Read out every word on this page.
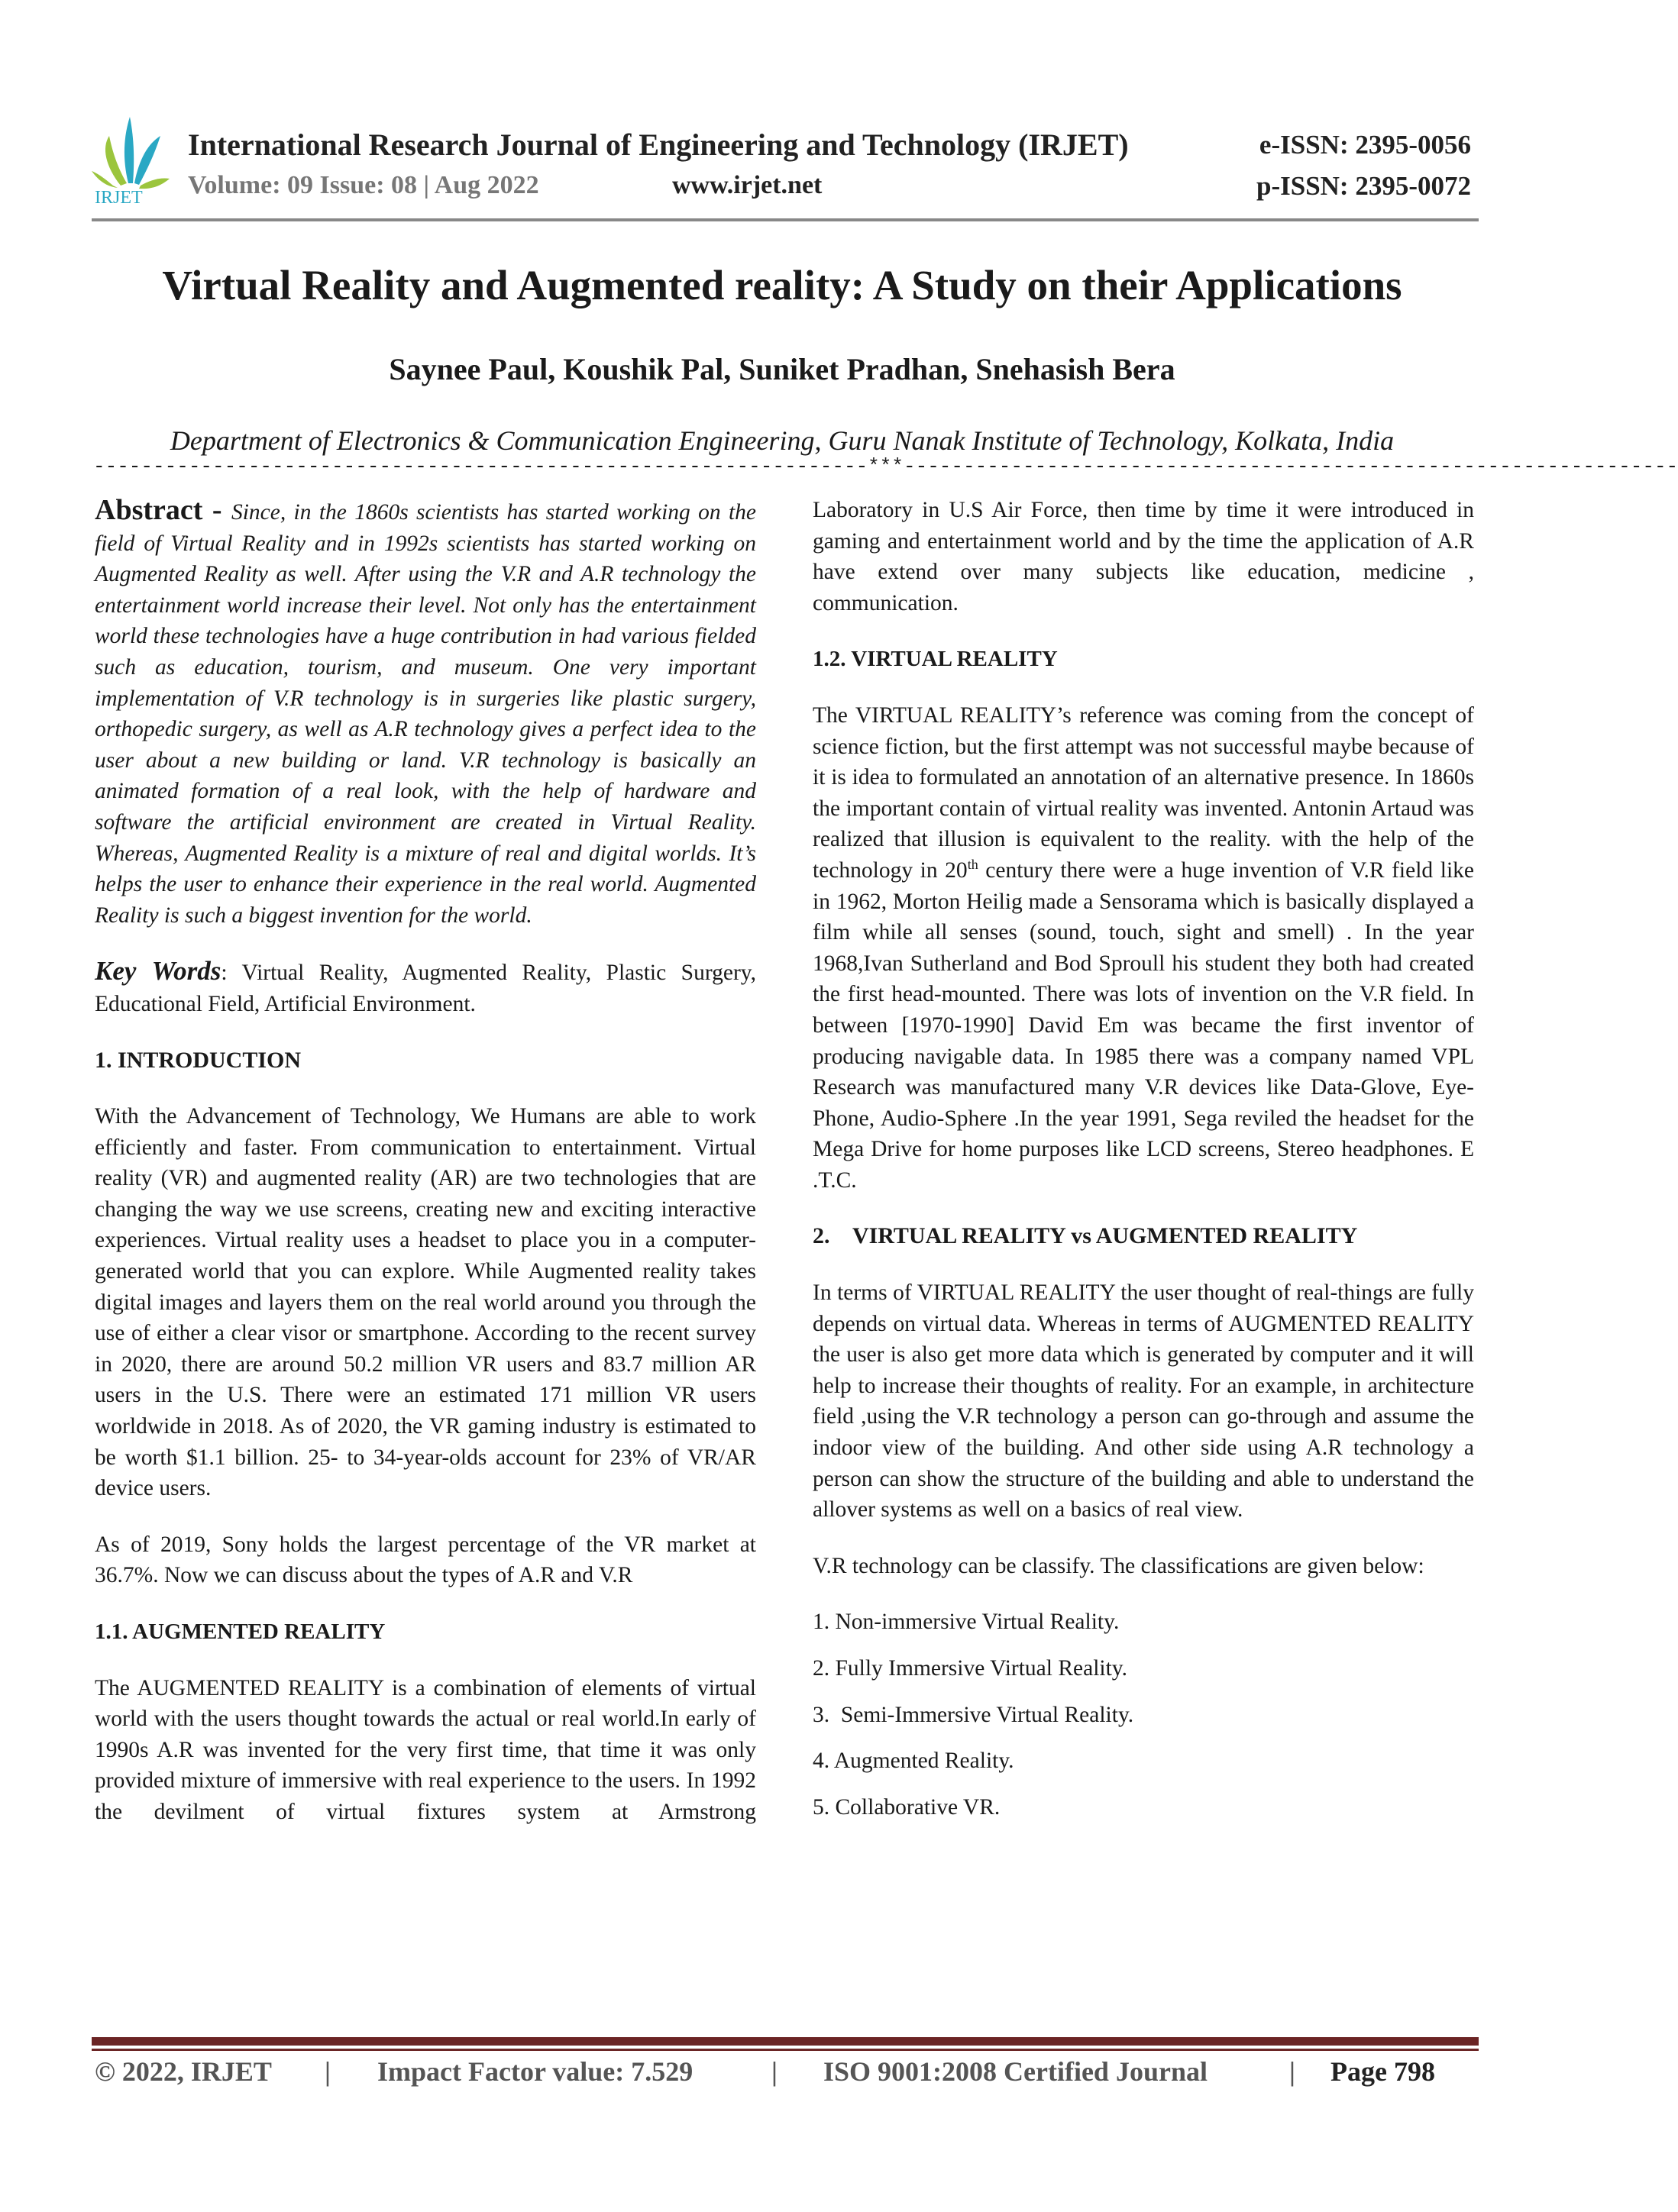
IRJET
International Research Journal of Engineering and Technology (IRJET)	e-ISSN: 2395-0056
Volume: 09 Issue: 08 | Aug 2022	www.irjet.net	p-ISSN: 2395-0072
Virtual Reality and Augmented reality: A Study on their Applications
Saynee Paul, Koushik Pal, Suniket Pradhan, Snehasish Bera
Department of Electronics & Communication Engineering, Guru Nanak Institute of Technology, Kolkata, India
-----------------------------------------------------------------***-----------------------------------------------------------------

Abstract - Since, in the 1860s scientists has started working on the field of Virtual Reality and in 1992s scientists has started working on Augmented Reality as well. After using the V.R and A.R technology the entertainment world increase their level. Not only has the entertainment world these technologies have a huge contribution in had various fielded such as education, tourism, and museum. One very important implementation of V.R technology is in surgeries like plastic surgery, orthopedic surgery, as well as A.R technology gives a perfect idea to the user about a new building or land. V.R technology is basically an animated formation of a real look, with the help of hardware and software the artificial environment are created in Virtual Reality. Whereas, Augmented Reality is a mixture of real and digital worlds. It’s helps the user to enhance their experience in the real world. Augmented Reality is such a biggest invention for the world.

Key Words: Virtual Reality, Augmented Reality, Plastic Surgery, Educational Field, Artificial Environment.

1. INTRODUCTION

With the Advancement of Technology, We Humans are able to work efficiently and faster. From communication to entertainment. Virtual reality (VR) and augmented reality (AR) are two technologies that are changing the way we use screens, creating new and exciting interactive experiences. Virtual reality uses a headset to place you in a computer-generated world that you can explore. While Augmented reality takes digital images and layers them on the real world around you through the use of either a clear visor or smartphone. According to the recent survey in 2020, there are around 50.2 million VR users and 83.7 million AR users in the U.S. There were an estimated 171 million VR users worldwide in 2018. As of 2020, the VR gaming industry is estimated to be worth $1.1 billion. 25- to 34-year-olds account for 23% of VR/AR device users.

As of 2019, Sony holds the largest percentage of the VR market at 36.7%. Now we can discuss about the types of A.R and V.R

1.1. AUGMENTED REALITY

The AUGMENTED REALITY is a combination of elements of virtual world with the users thought towards the actual or real world.In early of 1990s A.R was invented for the very first time, that time it was only provided mixture of immersive with real experience to the users. In 1992 the devilment of virtual fixtures system at Armstrong

Laboratory in U.S Air Force, then time by time it were introduced in gaming and entertainment world and by the time the application of A.R have extend over many subjects like education, medicine , communication.

1.2. VIRTUAL REALITY

The VIRTUAL REALITY’s reference was coming from the concept of science fiction, but the first attempt was not successful maybe because of it is idea to formulated an annotation of an alternative presence. In 1860s the important contain of virtual reality was invented. Antonin Artaud was realized that illusion is equivalent to the reality. with the help of the technology in 20th century there were a huge invention of V.R field like in 1962, Morton Heilig made a Sensorama which is basically displayed a film while all senses (sound, touch, sight and smell) . In the year 1968,Ivan Sutherland and Bod Sproull his student they both had created the first head-mounted. There was lots of invention on the V.R field. In between [1970-1990] David Em was became the first inventor of producing navigable data. In 1985 there was a company named VPL Research was manufactured many V.R devices like Data-Glove, Eye-Phone, Audio-Sphere .In the year 1991, Sega reviled the headset for the Mega Drive for home purposes like LCD screens, Stereo headphones. E .T.C.

2.    VIRTUAL REALITY vs AUGMENTED REALITY

In terms of VIRTUAL REALITY the user thought of real-things are fully depends on virtual data. Whereas in terms of AUGMENTED REALITY the user is also get more data which is generated by computer and it will help to increase their thoughts of reality. For an example, in architecture field ,using the V.R technology a person can go-through and assume the indoor view of the building. And other side using A.R technology a person can show the structure of the building and able to understand the allover systems as well on a basics of real view.

V.R technology can be classify. The classifications are given below:

1. Non-immersive Virtual Reality.

2. Fully Immersive Virtual Reality.

3.  Semi-Immersive Virtual Reality.

4. Augmented Reality.

5. Collaborative VR.

© 2022, IRJET | Impact Factor value: 7.529	| ISO 9001:2008 Certified Journal	| Page 798
